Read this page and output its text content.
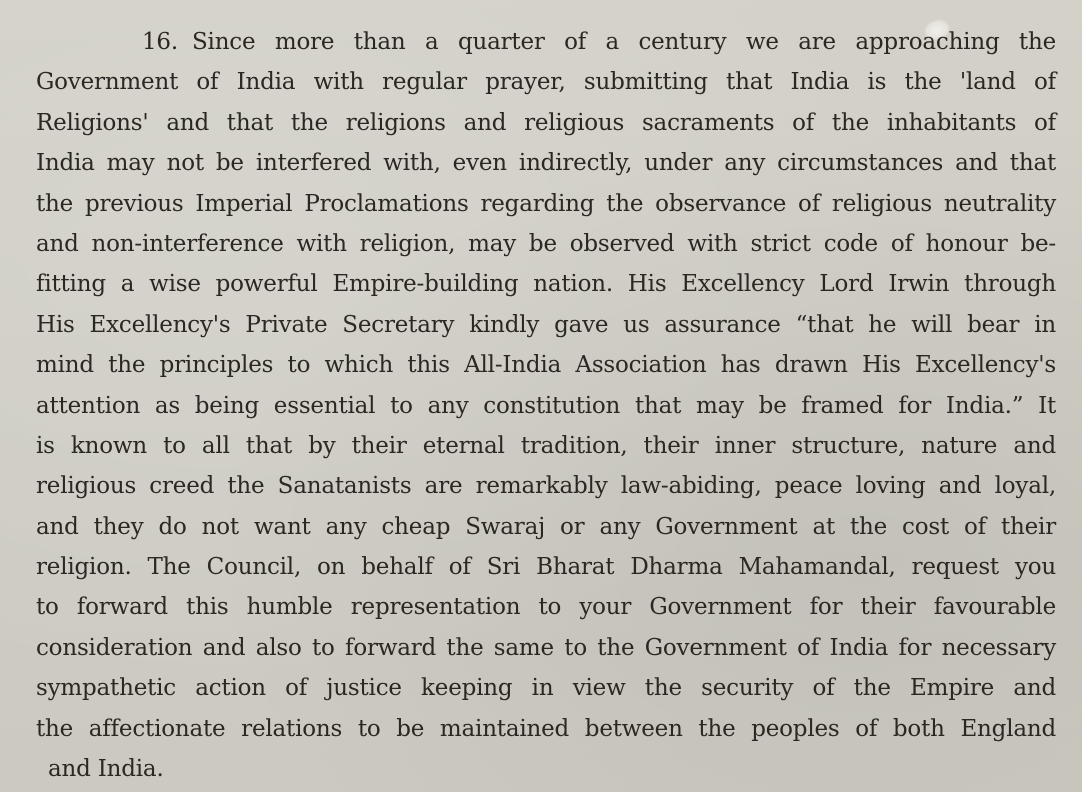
16. Since more than a quarter of a century we are approaching the
Government of India with regular prayer, submitting that India is the 'land of
Religions' and that the religions and religious sacraments of the inhabitants of
India may not be interfered with, even indirectly, under any circumstances and that
the previous Imperial Proclamations regarding the observance of religious neutrality
and non-interference with religion, may be observed with strict code of honour be-
fitting a wise powerful Empire-building nation. His Excellency Lord Irwin through
His Excellency's Private Secretary kindly gave us assurance “that he will bear in
mind the principles to which this All-India Association has drawn His Excellency's
attention as being essential to any constitution that may be framed for India.” It
is known to all that by their eternal tradition, their inner structure, nature and
religious creed the Sanatanists are remarkably law-abiding, peace loving and loyal,
and they do not want any cheap Swaraj or any Government at the cost of their
religion. The Council, on behalf of Sri Bharat Dharma Mahamandal, request you
to forward this humble representation to your Government for their favourable
consideration and also to forward the same to the Government of India for necessary
sympathetic action of justice keeping in view the security of the Empire and
the affectionate relations to be maintained between the peoples of both England
and India.
